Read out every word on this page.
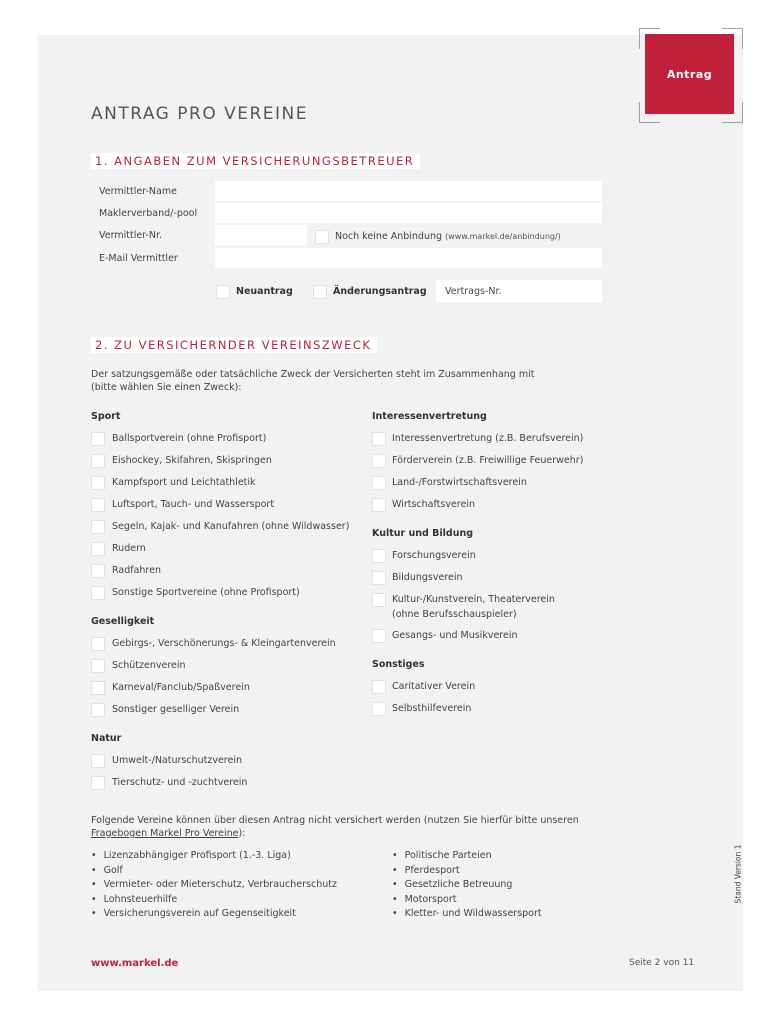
Antrag
ANTRAG PRO VEREINE
1. ANGABEN ZUM VERSICHERUNGSBETREUER
Vermittler-Name
Maklerverband/-pool
Vermittler-Nr.	Noch keine Anbindung (www.markel.de/anbindung/)
E-Mail Vermittler
Neuantrag	Änderungsantrag Vertrags-Nr.
2. ZU VERSICHERNDER VEREINSZWECK
Der satzungsgemäße oder tatsächliche Zweck der Versicherten steht im Zusammenhang mit
(bitte wählen Sie einen Zweck):
Sport
Ballsportverein (ohne Profisport)
Eishockey, Skifahren, Skispringen
Kampfsport und Leichtathletik
Luftsport, Tauch- und Wassersport
Segeln, Kajak- und Kanufahren (ohne Wildwasser)
Rudern
Radfahren
Sonstige Sportvereine (ohne Profisport)
Geselligkeit
Gebirgs-, Verschönerungs- & Kleingartenverein
Schützenverein
Karneval/Fanclub/Spaßverein
Sonstiger geselliger Verein
Natur
Umwelt-/Naturschutzverein
Tierschutz- und -zuchtverein
Interessenvertretung
Interessenvertretung (z.B. Berufsverein)
Förderverein (z.B. Freiwillige Feuerwehr)
Land-/Forstwirtschaftsverein
Wirtschaftsverein
Kultur und Bildung
Forschungsverein
Bildungsverein
Kultur-/Kunstverein, Theaterverein
(ohne Berufsschauspieler)
Gesangs- und Musikverein
Sonstiges
Caritativer Verein
Selbsthilfeverein
Folgende Vereine können über diesen Antrag nicht versichert werden (nutzen Sie hierfür bitte unseren
Fragebogen Markel Pro Vereine):
• Lizenzabhängiger Profisport (1.-3. Liga)
• Golf
• Vermieter- oder Mieterschutz, Verbraucherschutz
• Lohnsteuerhilfe
• Versicherungsverein auf Gegenseitigkeit
• Politische Parteien
• Pferdesport
• Gesetzliche Betreuung
• Motorsport
• Kletter- und Wildwassersport
Stand Version 1
www.markel.de	Seite 2 von 11
